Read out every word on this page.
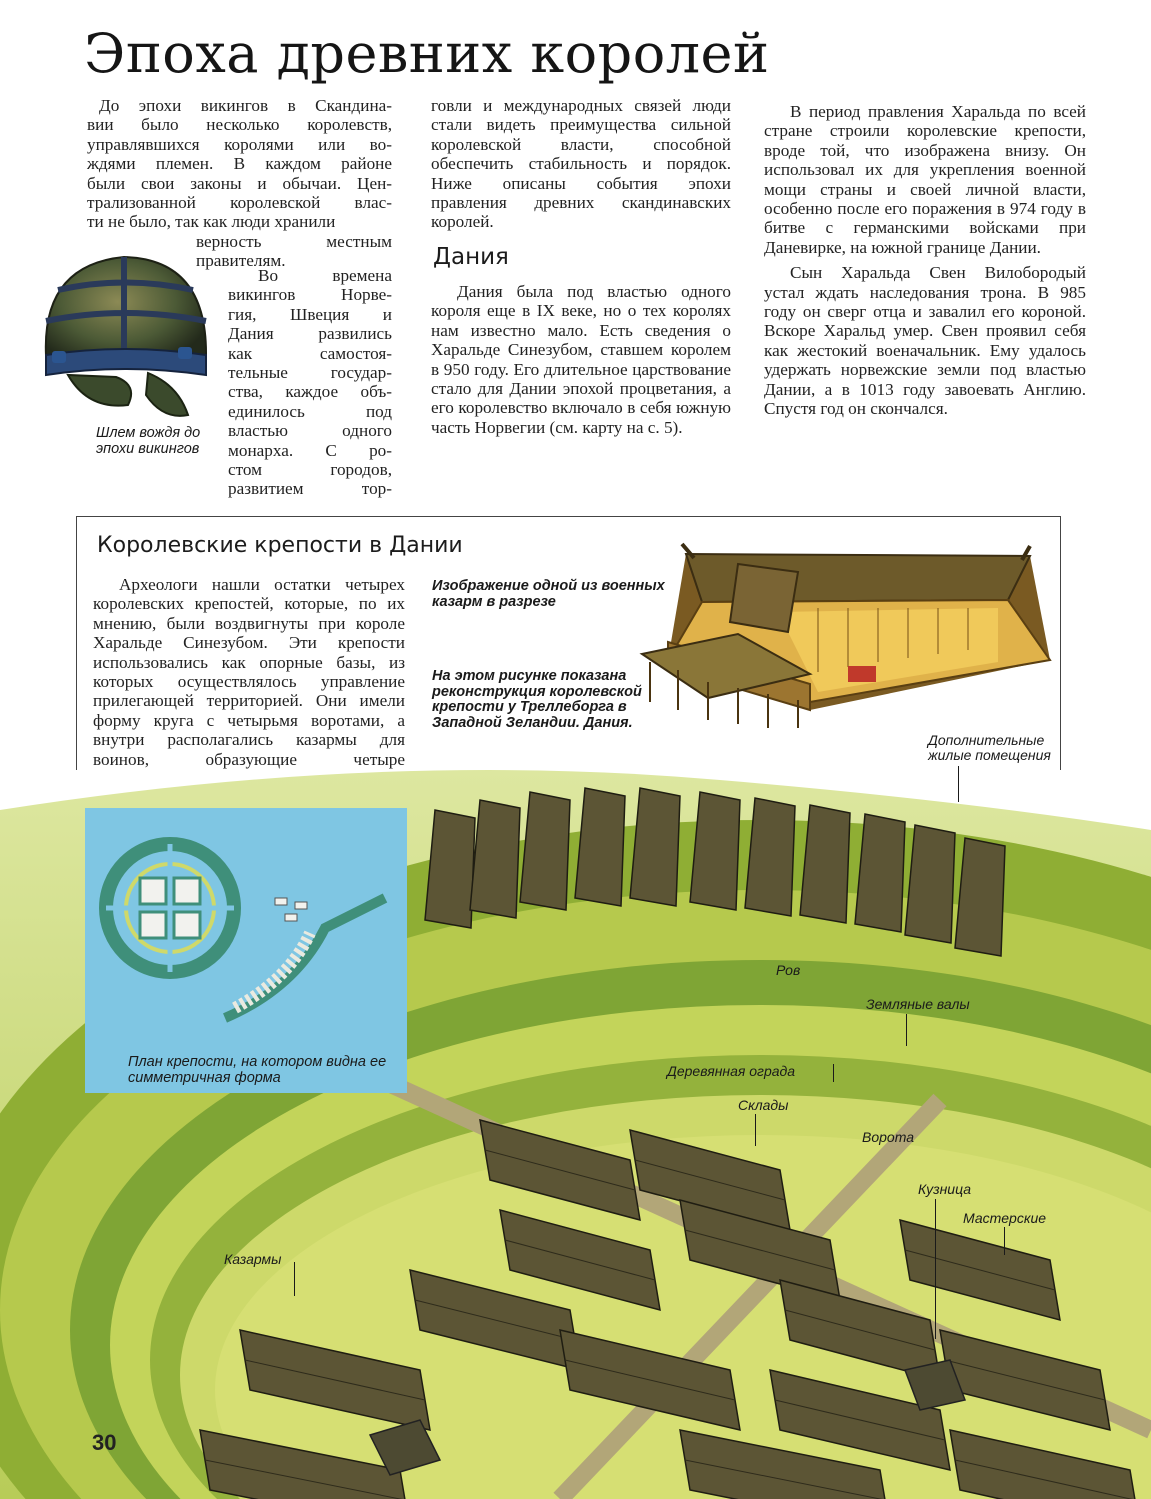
Эпоха древних королей
До эпохи викингов в Скандина-
вии было несколько королевств,
управлявшихся королями или во-
ждями племен. В каждом районе
были свои законы и обычаи. Цен-
трализованной королевской влас-
ти не было, так как люди хранили
верность местным
правителям.
Во времена
викингов Норве-
гия, Швеция и
Дания развились
как самостоя-
тельные государ-
ства, каждое объ-
единилось под
властью одного
монарха. С ро-
стом городов,
развитием тор-
Шлем вождя до эпохи викингов

говли и международных связей люди стали видеть преимущества сильной королевской власти, способной обеспечить стабильность и порядок. Ниже описаны события эпохи правления древних скандинавских королей.

Дания

Дания была под властью одного короля еще в IX веке, но о тех королях нам известно мало. Есть сведения о Харальде Синезубом, ставшем королем в 950 году. Его длительное царствование стало для Дании эпохой процветания, а его королевство включало в себя южную часть Норвегии (см. карту на с. 5).

В период правления Харальда по всей стране строили королевские крепости, вроде той, что изображена внизу. Он использовал их для укрепления военной мощи страны и своей личной власти, особенно после его поражения в 974 году в битве с германскими войсками при Даневирке, на южной границе Дании.

Сын Харальда Свен Вилобородый устал ждать наследования трона. В 985 году он сверг отца и завалил его короной. Вскоре Харальд умер. Свен проявил себя как жестокий военачальник. Ему удалось удержать норвежские земли под властью Дании, а в 1013 году завоевать Англию. Спустя год он скончался.

Королевские крепости в Дании

Археологи нашли остатки четырех королевских крепостей, которые, по их мнению, были воздвигнуты при короле Харальде Синезубом. Эти крепости использовались как опорные базы, из которых осуществлялось управление прилегающей территорией. Они имели форму круга с четырьмя воротами, а внутри располагались казармы для воинов, образующие четыре

Изображение одной из военных казарм в разрезе
На этом рисунке показана реконструкция королевской крепости у Треллеборга в Западной Зеландии. Дания.
План крепости, на котором видна ее симметричная форма
Дополнительные жилые помещения
Ров
Земляные валы
Деревянная ограда
Склады
Ворота
Кузница
Мастерские
Казармы
30
